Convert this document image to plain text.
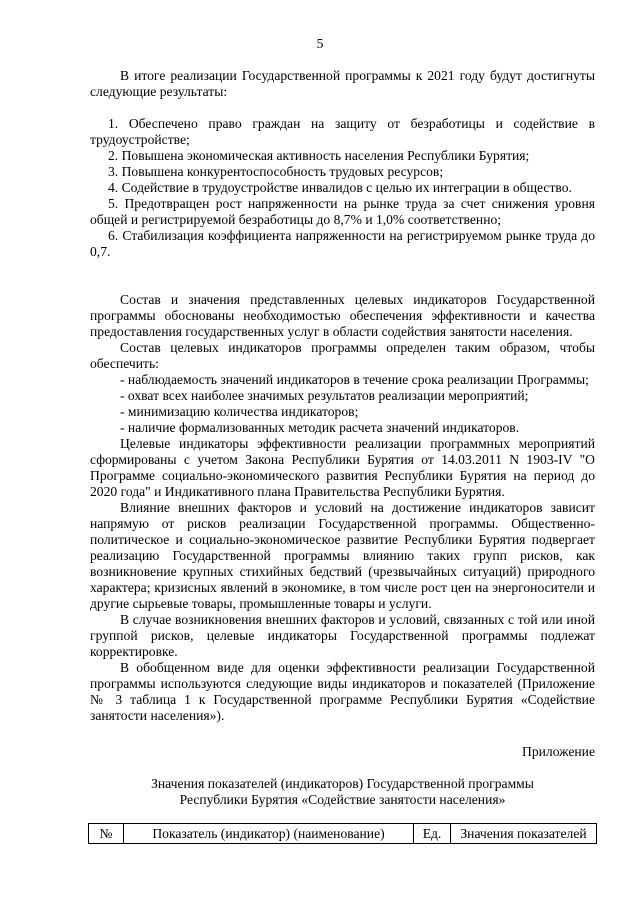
5

В итоге реализации Государственной программы к 2021 году будут достигнуты следующие результаты:

1. Обеспечено право граждан на защиту от безработицы и содействие в трудоустройстве;

2. Повышена экономическая активность населения Республики Бурятия;

3. Повышена конкурентоспособность трудовых ресурсов;

4. Содействие в трудоустройстве инвалидов с целью их интеграции в общество.

5. Предотвращен рост напряженности на рынке труда за счет снижения уровня общей и регистрируемой безработицы до 8,7% и 1,0% соответственно;

6. Стабилизация коэффициента напряженности на регистрируемом рынке труда до 0,7.

Состав и значения представленных целевых индикаторов Государственной программы обоснованы необходимостью обеспечения эффективности и качества предоставления государственных услуг в области содействия занятости населения.

Состав целевых индикаторов программы определен таким образом, чтобы обеспечить:

- наблюдаемость значений индикаторов в течение срока реализации Программы;

- охват всех наиболее значимых результатов реализации мероприятий;

- минимизацию количества индикаторов;

- наличие формализованных методик расчета значений индикаторов.

Целевые индикаторы эффективности реализации программных мероприятий сформированы с учетом Закона Республики Бурятия от 14.03.2011 N 1903-IV "О Программе социально-экономического развития Республики Бурятия на период до 2020 года" и Индикативного плана Правительства Республики Бурятия.

Влияние внешних факторов и условий на достижение индикаторов зависит напрямую от рисков реализации Государственной программы. Общественно-политическое и социально-экономическое развитие Республики Бурятия подвергает реализацию Государственной программы влиянию таких групп рисков, как возникновение крупных стихийных бедствий (чрезвычайных ситуаций) природного характера; кризисных явлений в экономике, в том числе рост цен на энергоносители и другие сырьевые товары, промышленные товары и услуги.

В случае возникновения внешних факторов и условий, связанных с той или иной группой рисков, целевые индикаторы Государственной программы подлежат корректировке.

В обобщенном виде для оценки эффективности реализации Государственной программы используются следующие виды индикаторов и показателей (Приложение № 3 таблица 1 к Государственной программе Республики Бурятия «Содействие занятости населения»).

Приложение
Значения показателей (индикаторов) Государственной программы
Республики Бурятия «Содействие занятости населения»
№	Показатель (индикатор) (наименование)	Ед.	Значения показателей
